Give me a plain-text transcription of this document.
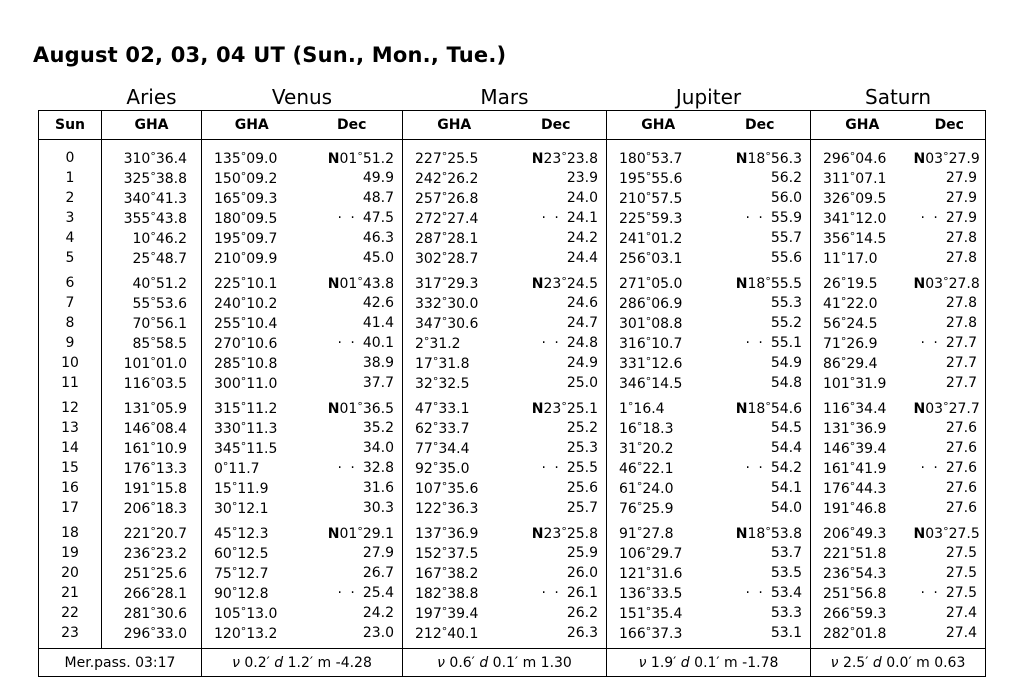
August 02, 03, 04 UT (Sun., Mon., Tue.)
	Aries	Venus		Mars		Jupiter		Saturn	
Sun	GHA	GHA	Dec	GHA	Dec	GHA	Dec	GHA	Dec
0	310°36.4	135°09.0	N01°51.2	227°25.5	N23°23.8	180°53.7	N18°56.3	296°04.6	N03°27.9
1	325°38.8	150°09.2	49.9	242°26.2	23.9	195°55.6	56.2	311°07.1	27.9
2	340°41.3	165°09.3	48.7	257°26.8	24.0	210°57.5	56.0	326°09.5	27.9
3	355°43.8	180°09.5	· · 47.5	272°27.4	· · 24.1	225°59.3	· · 55.9	341°12.0	· · 27.9
4	10°46.2	195°09.7	46.3	287°28.1	24.2	241°01.2	55.7	356°14.5	27.8
5	25°48.7	210°09.9	45.0	302°28.7	24.4	256°03.1	55.6	11°17.0	27.8
6	40°51.2	225°10.1	N01°43.8	317°29.3	N23°24.5	271°05.0	N18°55.5	26°19.5	N03°27.8
7	55°53.6	240°10.2	42.6	332°30.0	24.6	286°06.9	55.3	41°22.0	27.8
8	70°56.1	255°10.4	41.4	347°30.6	24.7	301°08.8	55.2	56°24.5	27.8
9	85°58.5	270°10.6	· · 40.1	2°31.2	· · 24.8	316°10.7	· · 55.1	71°26.9	· · 27.7
10	101°01.0	285°10.8	38.9	17°31.8	24.9	331°12.6	54.9	86°29.4	27.7
11	116°03.5	300°11.0	37.7	32°32.5	25.0	346°14.5	54.8	101°31.9	27.7
12	131°05.9	315°11.2	N01°36.5	47°33.1	N23°25.1	1°16.4	N18°54.6	116°34.4	N03°27.7
13	146°08.4	330°11.3	35.2	62°33.7	25.2	16°18.3	54.5	131°36.9	27.6
14	161°10.9	345°11.5	34.0	77°34.4	25.3	31°20.2	54.4	146°39.4	27.6
15	176°13.3	0°11.7	· · 32.8	92°35.0	· · 25.5	46°22.1	· · 54.2	161°41.9	· · 27.6
16	191°15.8	15°11.9	31.6	107°35.6	25.6	61°24.0	54.1	176°44.3	27.6
17	206°18.3	30°12.1	30.3	122°36.3	25.7	76°25.9	54.0	191°46.8	27.6
18	221°20.7	45°12.3	N01°29.1	137°36.9	N23°25.8	91°27.8	N18°53.8	206°49.3	N03°27.5
19	236°23.2	60°12.5	27.9	152°37.5	25.9	106°29.7	53.7	221°51.8	27.5
20	251°25.6	75°12.7	26.7	167°38.2	26.0	121°31.6	53.5	236°54.3	27.5
21	266°28.1	90°12.8	· · 25.4	182°38.8	· · 26.1	136°33.5	· · 53.4	251°56.8	· · 27.5
22	281°30.6	105°13.0	24.2	197°39.4	26.2	151°35.4	53.3	266°59.3	27.4
23	296°33.0	120°13.2	23.0	212°40.1	26.3	166°37.3	53.1	282°01.8	27.4
Mer.pass. 03:17		ν 0.2′ d 1.2′ m -4.28		ν 0.6′ d 0.1′ m 1.30		ν 1.9′ d 0.1′ m -1.78		ν 2.5′ d 0.0′ m 0.63	
